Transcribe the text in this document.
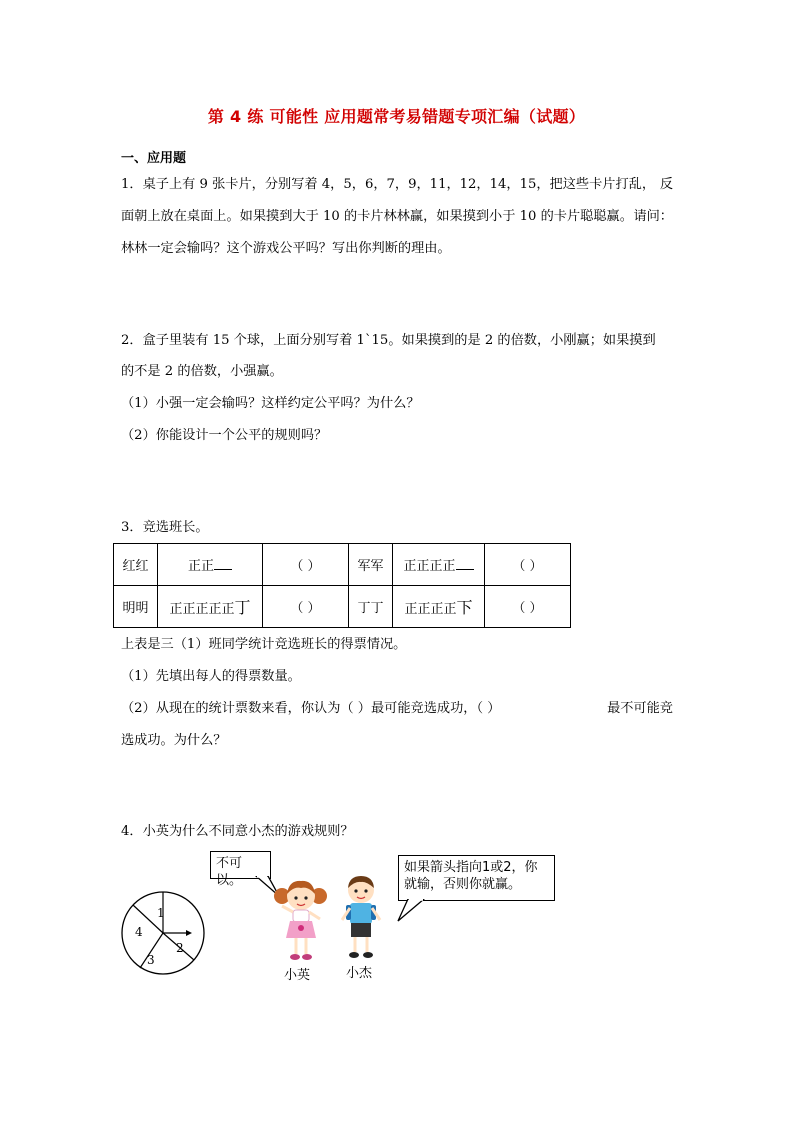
第 4 练 可能性 应用题常考易错题专项汇编（试题）
一、应用题
1．桌子上有 9 张卡片，分别写着 4，5，6，7，9，11，12，14，15，把这些卡片打乱， 反
面朝上放在桌面上。如果摸到大于 10 的卡片林林赢，如果摸到小于 10 的卡片聪聪赢。 请问：
林林一定会输吗？这个游戏公平吗？写出你判断的理由。
2．盒子里装有 15 个球，上面分别写着 1`15。如果摸到的是 2 的倍数，小刚赢；如果摸到
的不是 2 的倍数，小强赢。
（1）小强一定会输吗？这样约定公平吗？为什么？
（2）你能设计一个公平的规则吗？
3．竞选班长。
红红	正正	（ ）	军军	正正正正	（ ）
明明	正正正正正丁	（ ）	丁丁	正正正正下	（ ）
上表是三（1）班同学统计竞选班长的得票情况。
（1）先填出每人的得票数量。
（2）从现在的统计票数来看，你认为（ ）最可能竞选成功，（ ）	最不可能竞
选成功。为什么？
4．小英为什么不同意小杰的游戏规则？
1
2
3
4
不可以。
如果箭头指向1或2，你
就输，否则你就赢。
小英	小杰
